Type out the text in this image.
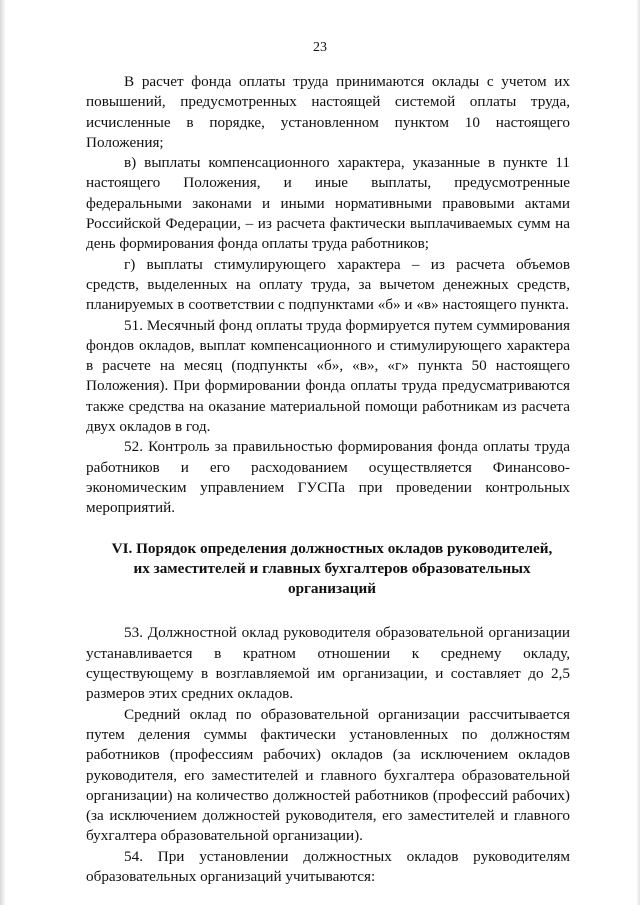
23

В расчет фонда оплаты труда принимаются оклады с учетом их повышений, предусмотренных настоящей системой оплаты труда, исчисленные в порядке, установленном пунктом 10 настоящего Положения;

в) выплаты компенсационного характера, указанные в пункте 11 настоящего Положения, и иные выплаты, предусмотренные федеральными законами и иными нормативными правовыми актами Российской Федерации, – из расчета фактически выплачиваемых сумм на день формирования фонда оплаты труда работников;

г) выплаты стимулирующего характера – из расчета объемов средств, выделенных на оплату труда, за вычетом денежных средств, планируемых в соответствии с подпунктами «б» и «в» настоящего пункта.

51. Месячный фонд оплаты труда формируется путем суммирования фондов окладов, выплат компенсационного и стимулирующего характера в расчете на месяц (подпункты «б», «в», «г» пункта 50 настоящего Положения). При формировании фонда оплаты труда предусматриваются также средства на оказание материальной помощи работникам из расчета двух окладов в год.

52. Контроль за правильностью формирования фонда оплаты труда работников и его расходованием осуществляется Финансово-экономическим управлением ГУСПа при проведении контрольных мероприятий.

VI. Порядок определения должностных окладов руководителей,

их заместителей и главных бухгалтеров образовательных организаций

53. Должностной оклад руководителя образовательной организации устанавливается в кратном отношении к среднему окладу, существующему в возглавляемой им организации, и составляет до 2,5 размеров этих средних окладов.

Средний оклад по образовательной организации рассчитывается путем деления суммы фактически установленных по должностям работников (профессиям рабочих) окладов (за исключением окладов руководителя, его заместителей и главного бухгалтера образовательной организации) на количество должностей работников (профессий рабочих) (за исключением должностей руководителя, его заместителей и главного бухгалтера образовательной организации).

54. При установлении должностных окладов руководителям образовательных организаций учитываются:
